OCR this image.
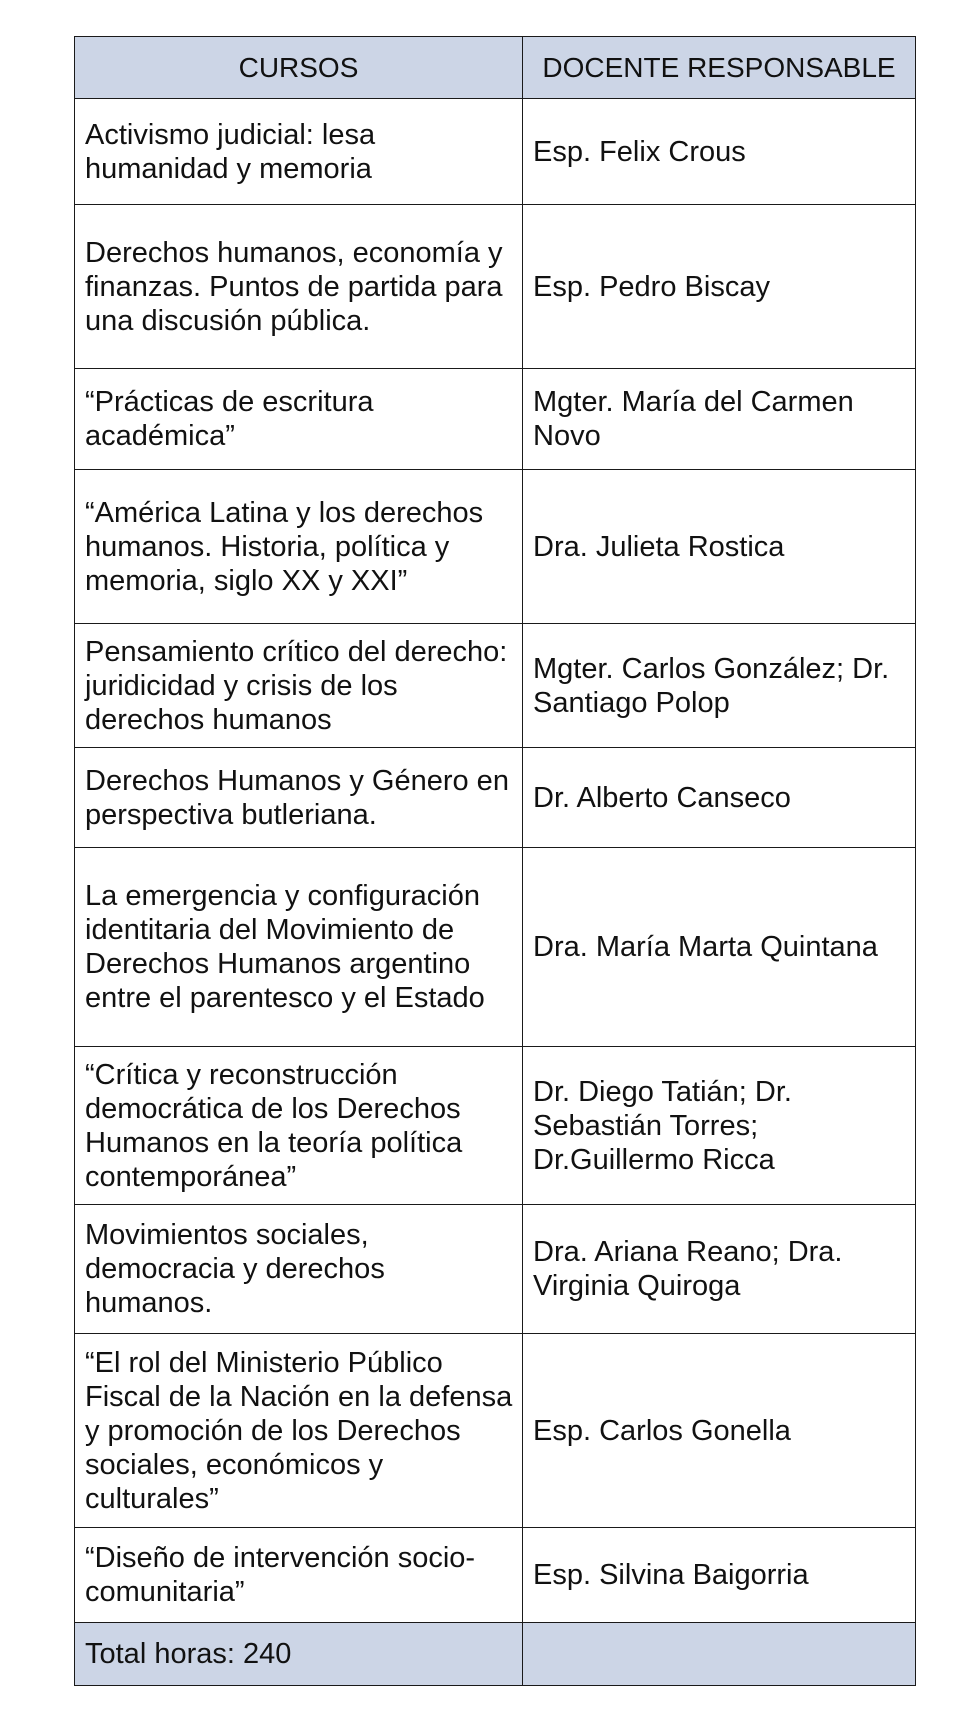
CURSOS	DOCENTE RESPONSABLE
Activismo judicial: lesa humanidad y memoria	Esp. Felix Crous
Derechos humanos, economía y finanzas. Puntos de partida para una discusión pública.	Esp. Pedro Biscay
“Prácticas de escritura académica”	Mgter. María del Carmen Novo
“América Latina y los derechos humanos. Historia, política y memoria, siglo XX y XXI”	Dra. Julieta Rostica
Pensamiento crítico del derecho: juridicidad y crisis de los derechos humanos	Mgter. Carlos González; Dr. Santiago Polop
Derechos Humanos y Género en perspectiva butleriana.	Dr. Alberto Canseco
La emergencia y configuración identitaria del Movimiento de Derechos Humanos argentino entre el parentesco y el Estado	Dra. María Marta Quintana
“Crítica y reconstrucción democrática de los Derechos Humanos en la teoría política contemporánea”	Dr. Diego Tatián; Dr. Sebastián Torres; Dr.Guillermo Ricca
Movimientos sociales, democracia y derechos humanos.	Dra. Ariana Reano; Dra. Virginia Quiroga
“El rol del Ministerio Público Fiscal de la Nación en la defensa y promoción de los Derechos sociales, económicos y culturales”	Esp. Carlos Gonella
“Diseño de intervención socio-comunitaria”	Esp. Silvina Baigorria
Total horas: 240	
